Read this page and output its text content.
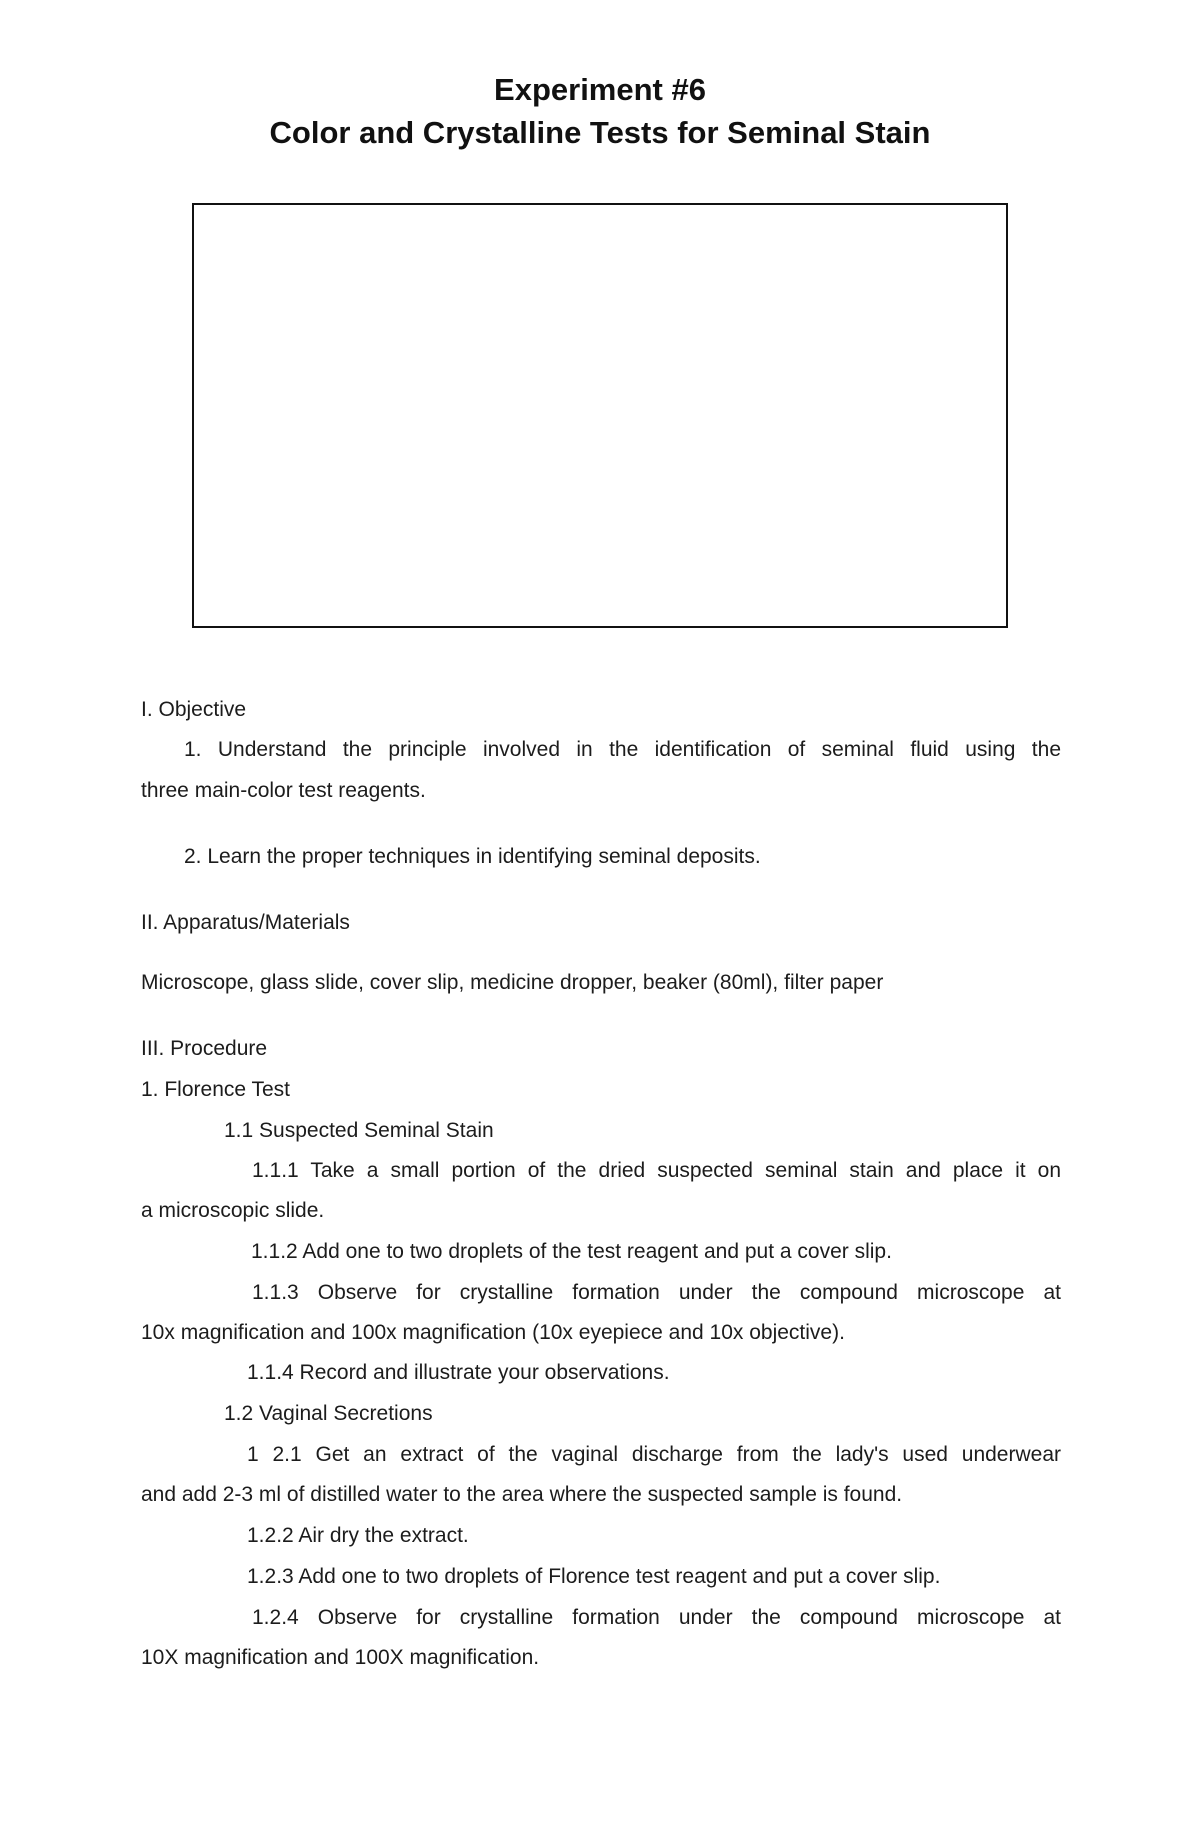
Experiment #6
Color and Crystalline Tests for Seminal Stain
I. Objective
1. Understand the principle involved in the identification of seminal fluid using the
three main-color test reagents.
2. Learn the proper techniques in identifying seminal deposits.
II. Apparatus/Materials
Microscope, glass slide, cover slip, medicine dropper, beaker (80ml), filter paper
III. Procedure
1. Florence Test
1.1 Suspected Seminal Stain
1.1.1 Take a small portion of the dried suspected seminal stain and place it on
a microscopic slide.
1.1.2 Add one to two droplets of the test reagent and put a cover slip.
1.1.3 Observe for crystalline formation under the compound microscope at
10x magnification and 100x magnification (10x eyepiece and 10x objective).
1.1.4 Record and illustrate your observations.
1.2 Vaginal Secretions
1 2.1 Get an extract of the vaginal discharge from the lady's used underwear
and add 2-3 ml of distilled water to the area where the suspected sample is found.
1.2.2 Air dry the extract.
1.2.3 Add one to two droplets of Florence test reagent and put a cover slip.
1.2.4 Observe for crystalline formation under the compound microscope at
10X magnification and 100X magnification.
